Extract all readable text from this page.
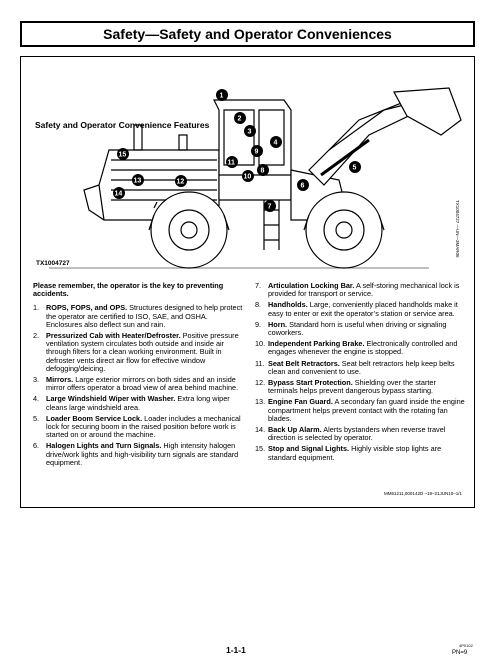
Safety—Safety and Operator Conveniences
Safety and Operator Convenience Features
1
2
3
4
5
6
7
8
9
10
11
12
13
14
15
TX1004727
TX1004727 —UN—3MAR06
Please remember, the operator is the key to preventing accidents.
1. ROPS, FOPS, and OPS. Structures designed to help protect the operator are certified to ISO, SAE, and OSHA. Enclosures also deflect sun and rain.
2. Pressurized Cab with Heater/Defroster. Positive pressure ventilation system circulates both outside and inside air through filters for a clean working environment. Built in defroster vents direct air flow for effective window defogging/deicing.
3. Mirrors. Large exterior mirrors on both sides and an inside mirror offers operator a broad view of area behind machine.
4. Large Windshield Wiper with Washer. Extra long wiper cleans large windshield area.
5. Loader Boom Service Lock. Loader includes a mechanical lock for securing boom in the raised position before work is started on or around the machine.
6. Halogen Lights and Turn Signals. High intensity halogen drive/work lights and high-visibility turn signals are standard equipment.
7. Articulation Locking Bar. A self-storing mechanical lock is provided for transport or service.
8. Handholds. Large, conveniently placed handholds make it easy to enter or exit the operator’s station or service area.
9. Horn. Standard horn is useful when driving or signaling coworkers.
10. Independent Parking Brake. Electronically controlled and engages whenever the engine is stopped.
11. Seat Belt Retractors. Seat belt retractors help keep belts clean and convenient to use.
12. Bypass Start Protection. Shielding over the starter terminals helps prevent dangerous bypass starting.
13. Engine Fan Guard. A secondary fan guard inside the engine compartment helps prevent contact with the rotating fan blades.
14. Back Up Alarm. Alerts bystanders when reverse travel direction is selected by operator.
15. Stop and Signal Lights. Highly visible stop lights are standard equipment.
MM61211,000142D –19–21JUN10–1/1
1-1-1	4P0102
PN=9
